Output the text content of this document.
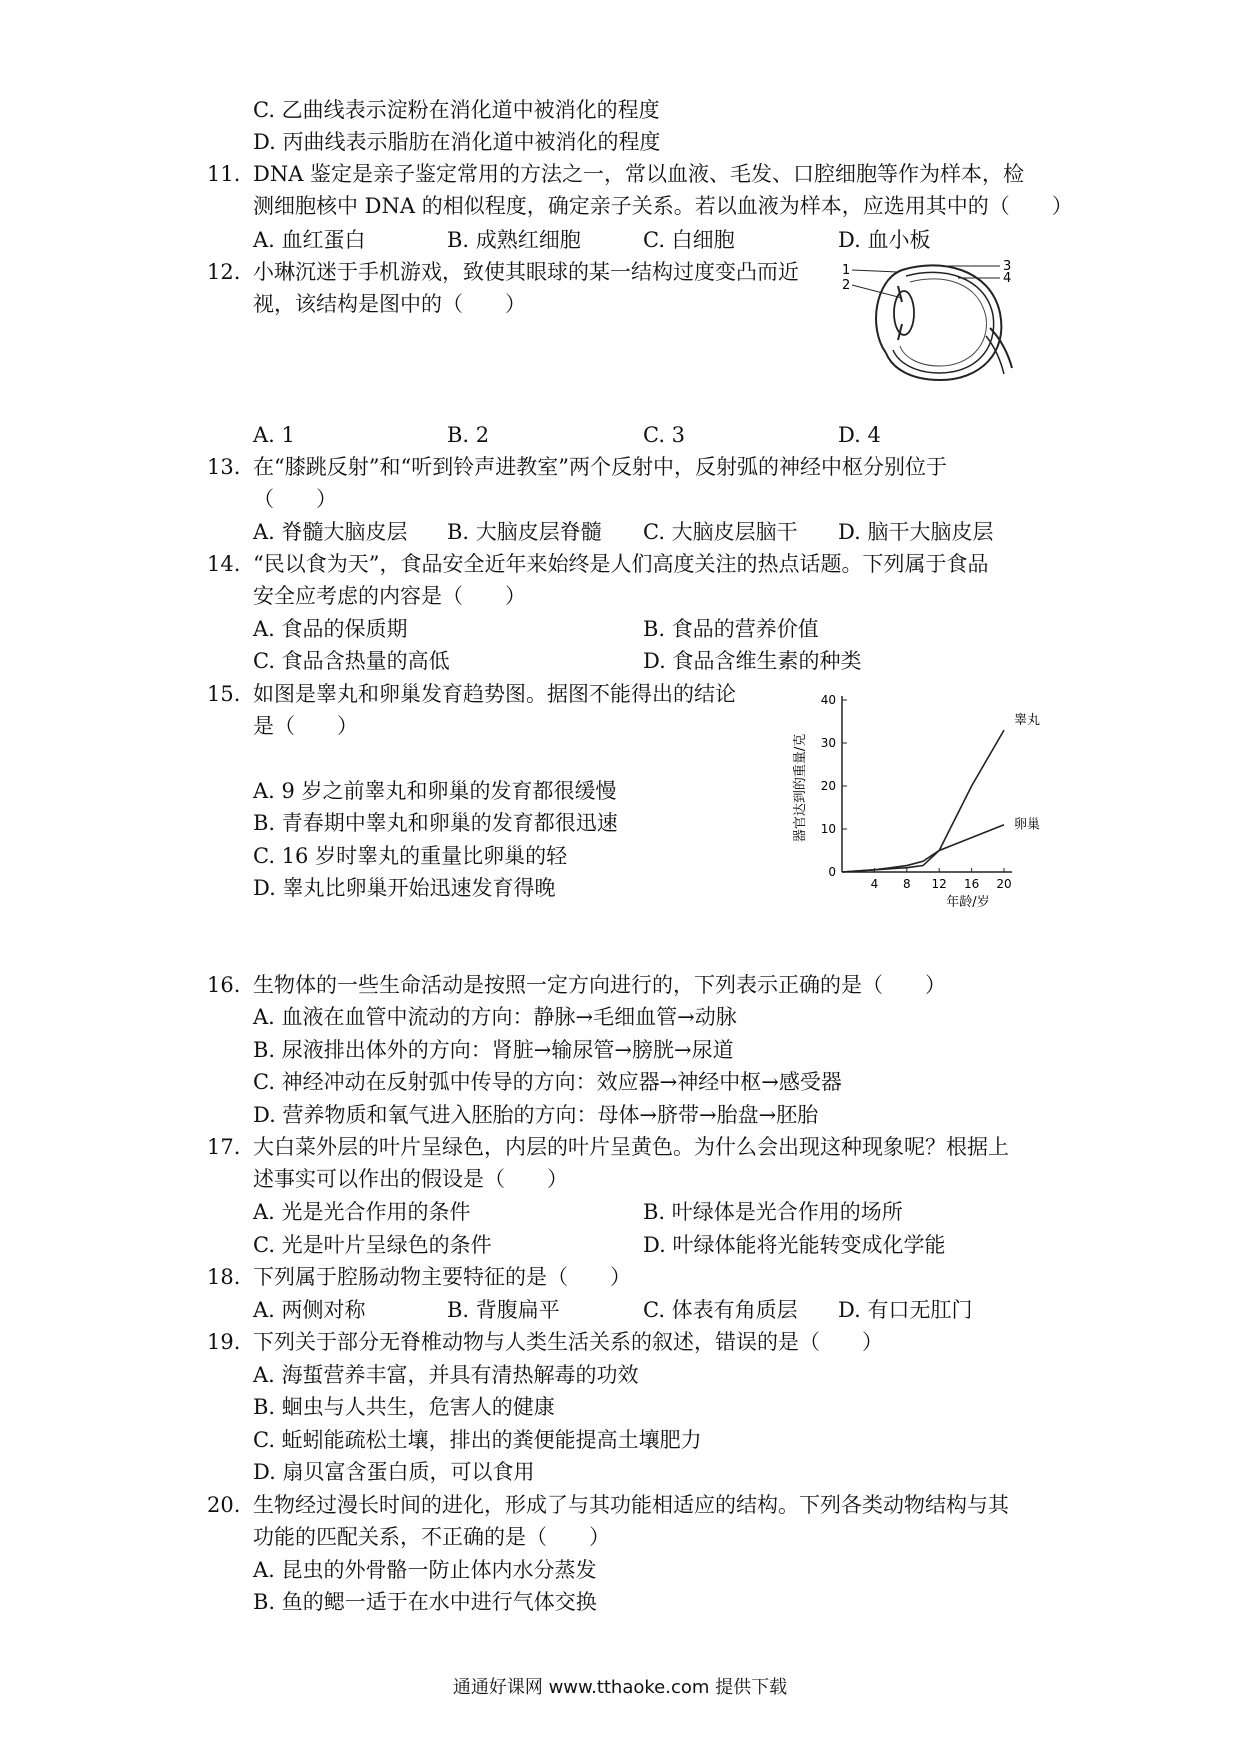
C. 乙曲线表示淀粉在消化道中被消化的程度
D. 丙曲线表示脂肪在消化道中被消化的程度
11. DNA 鉴定是亲子鉴定常用的方法之一，常以血液、毛发、口腔细胞等作为样本，检
测细胞核中 DNA 的相似程度，确定亲子关系。若以血液为样本，应选用其中的（　　）
A. 血红蛋白	B. 成熟红细胞	C. 白细胞	D. 血小板
12. 小琳沉迷于手机游戏，致使其眼球的某一结构过度变凸而近
视，该结构是图中的（　　）
1
2
3
4
A. 1	B. 2	C. 3	D. 4
13. 在“膝跳反射”和“听到铃声进教室”两个反射中，反射弧的神经中枢分别位于
（　　）
A. 脊髓大脑皮层 B. 大脑皮层脊髓 C. 大脑皮层脑干 D. 脑干大脑皮层
14. “民以食为天”，食品安全近年来始终是人们高度关注的热点话题。下列属于食品
安全应考虑的内容是（　　）
A. 食品的保质期	B. 食品的营养价值
C. 食品含热量的高低	D. 食品含维生素的种类
15. 如图是睾丸和卵巢发育趋势图。据图不能得出的结论
是（　　）
A. 9 岁之前睾丸和卵巢的发育都很缓慢
B. 青春期中睾丸和卵巢的发育都很迅速
C. 16 岁时睾丸的重量比卵巢的轻
D. 睾丸比卵巢开始迅速发育得晚
0
10
20
30
40
4 8 12 16 20
睾丸
卵巢
器官达到的重量/克
年龄/岁
16. 生物体的一些生命活动是按照一定方向进行的，下列表示正确的是（　　）
A. 血液在血管中流动的方向：静脉→毛细血管→动脉
B. 尿液排出体外的方向：肾脏→输尿管→膀胱→尿道
C. 神经冲动在反射弧中传导的方向：效应器→神经中枢→感受器
D. 营养物质和氧气进入胚胎的方向：母体→脐带→胎盘→胚胎
17. 大白菜外层的叶片呈绿色，内层的叶片呈黄色。为什么会出现这种现象呢？根据上
述事实可以作出的假设是（　　）
A. 光是光合作用的条件	B. 叶绿体是光合作用的场所
C. 光是叶片呈绿色的条件	D. 叶绿体能将光能转变成化学能
18. 下列属于腔肠动物主要特征的是（　　）
A. 两侧对称	B. 背腹扁平	C. 体表有角质层 D. 有口无肛门
19. 下列关于部分无脊椎动物与人类生活关系的叙述，错误的是（　　）
A. 海蜇营养丰富，并具有清热解毒的功效
B. 蛔虫与人共生，危害人的健康
C. 蚯蚓能疏松土壤，排出的粪便能提高土壤肥力
D. 扇贝富含蛋白质，可以食用
20. 生物经过漫长时间的进化，形成了与其功能相适应的结构。下列各类动物结构与其
功能的匹配关系，不正确的是（　　）
A. 昆虫的外骨骼一防止体内水分蒸发
B. 鱼的鳃一适于在水中进行气体交换
通通好课网 www.tthaoke.com 提供下载
